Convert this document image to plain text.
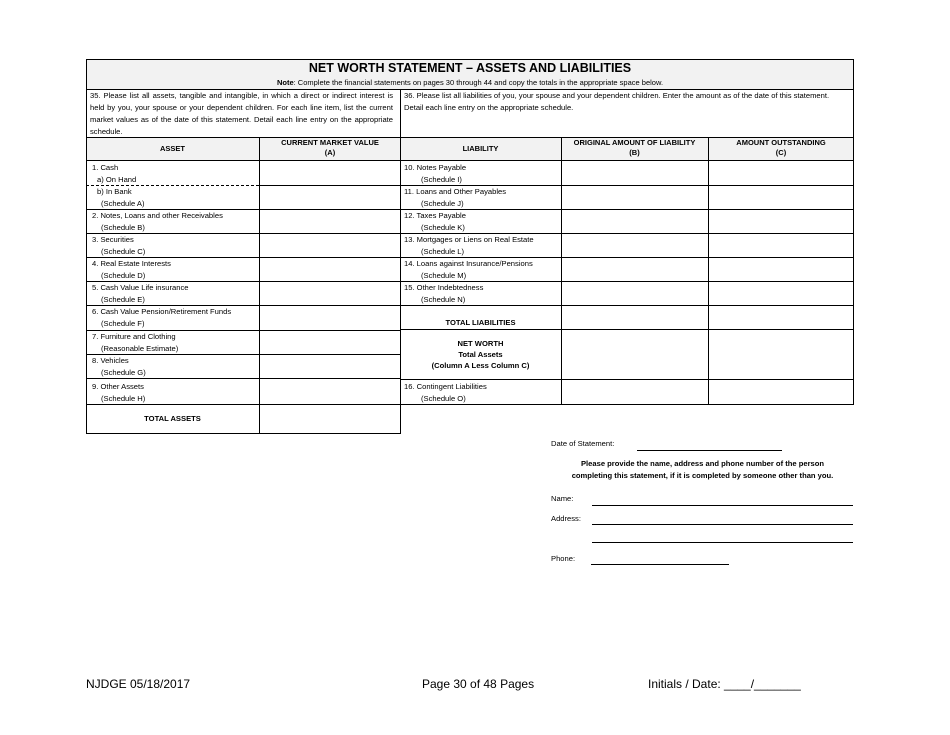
NET WORTH STATEMENT – ASSETS AND LIABILITIES
Note: Complete the financial statements on pages 30 through 44 and copy the totals in the appropriate space below.
35. Please list all assets, tangible and intangible, in which a direct or indirect interest is held by you, your spouse or your dependent children. For each line item, list the current market values as of the date of this statement. Detail each line entry on the appropriate schedule.
36. Please list all liabilities of you, your spouse and your dependent children. Enter the amount as of the date of this statement. Detail each line entry on the appropriate schedule.
ASSET
CURRENT MARKET VALUE
(A)
1. Cash
a) On Hand
b) In Bank
(Schedule A)
2. Notes, Loans and other Receivables
(Schedule B)
3. Securities
(Schedule C)
4. Real Estate Interests
(Schedule D)
5. Cash Value Life insurance
(Schedule E)
6. Cash Value Pension/Retirement Funds
(Schedule F)
7. Furniture and Clothing
(Reasonable Estimate)
8. Vehicles
(Schedule G)
9. Other Assets
(Schedule H)
TOTAL ASSETS
LIABILITY
ORIGINAL AMOUNT OF LIABILITY
(B)
AMOUNT OUTSTANDING
(C)
10. Notes Payable
(Schedule I)
11. Loans and Other Payables
(Schedule J)
12. Taxes Payable
(Schedule K)
13. Mortgages or Liens on Real Estate
(Schedule L)
14. Loans against Insurance/Pensions
(Schedule M)
15. Other Indebtedness
(Schedule N)
TOTAL LIABILITIES
NET WORTH
Total Assets
(Column A Less Column C)
16. Contingent Liabilities
(Schedule O)
Date of Statement:
Please provide the name, address and phone number of the person
completing this statement, if it is completed by someone other than you.
Name:
Address:
Phone:
NJDGE 05/18/2017	Page 30 of 48 Pages	Initials / Date: ____/_______
